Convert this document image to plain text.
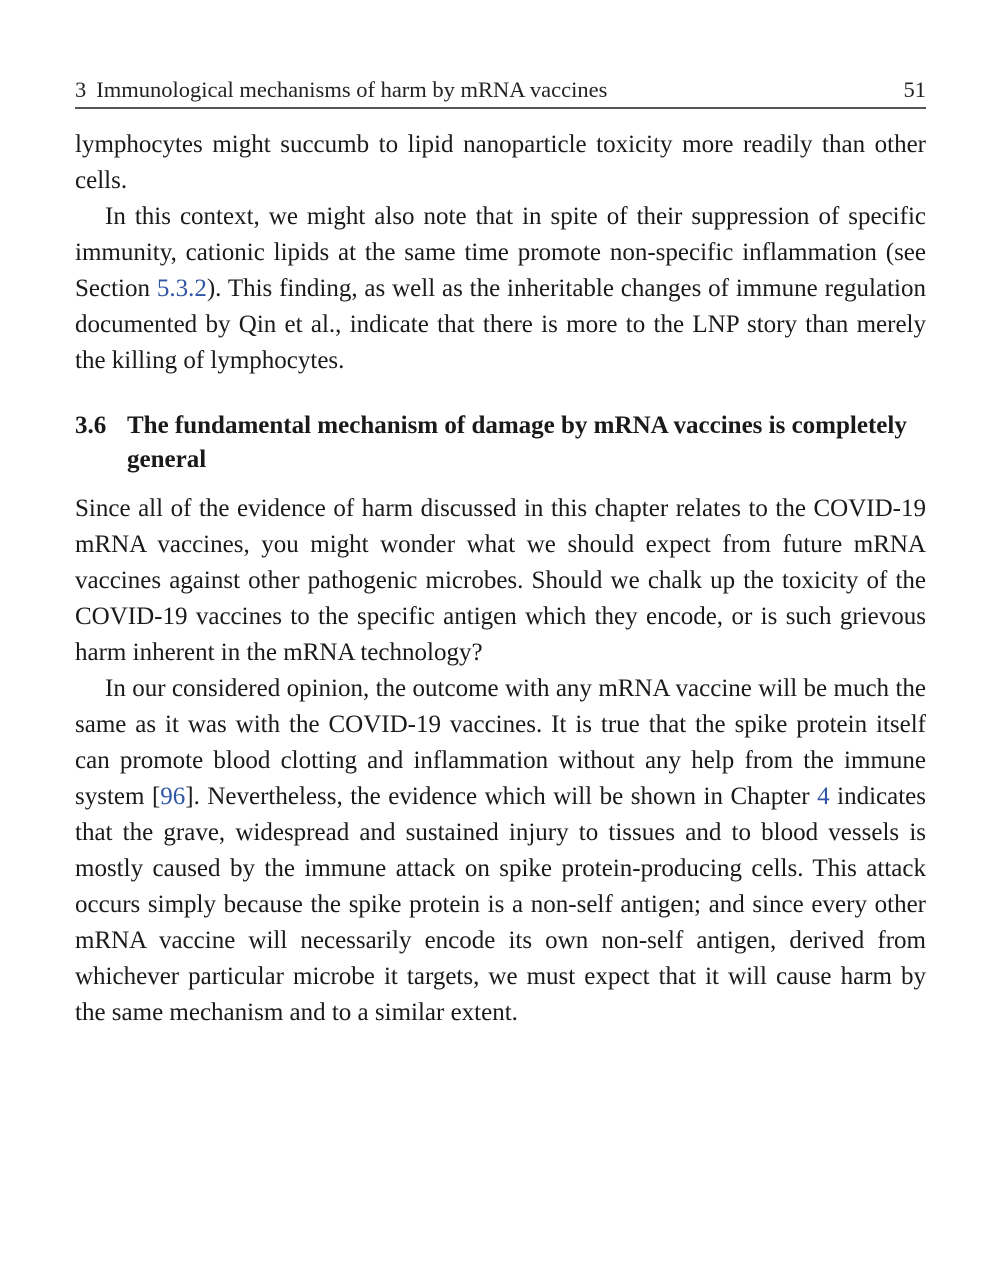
3 Immunological mechanisms of harm by mRNA vaccines	51

lymphocytes might succumb to lipid nanoparticle toxicity more readily than other cells.

In this context, we might also note that in spite of their suppression of specific immunity, cationic lipids at the same time promote non-specific inflammation (see Section 5.3.2). This finding, as well as the inheritable changes of immune regulation documented by Qin et al., indicate that there is more to the LNP story than merely the killing of lymphocytes.

3.6 The fundamental mechanism of damage by mRNA vaccines is completely general

Since all of the evidence of harm discussed in this chapter relates to the COVID-19 mRNA vaccines, you might wonder what we should expect from future mRNA vaccines against other pathogenic microbes. Should we chalk up the toxicity of the COVID-19 vaccines to the specific antigen which they encode, or is such grievous harm inherent in the mRNA technology?

In our considered opinion, the outcome with any mRNA vaccine will be much the same as it was with the COVID-19 vaccines. It is true that the spike protein itself can promote blood clotting and inflammation without any help from the immune system [96]. Nevertheless, the evidence which will be shown in Chapter 4 indicates that the grave, widespread and sustained injury to tissues and to blood vessels is mostly caused by the immune attack on spike protein-producing cells. This attack occurs simply because the spike protein is a non-self antigen; and since every other mRNA vaccine will necessarily encode its own non-self antigen, derived from whichever particular microbe it targets, we must expect that it will cause harm by the same mechanism and to a similar extent.
